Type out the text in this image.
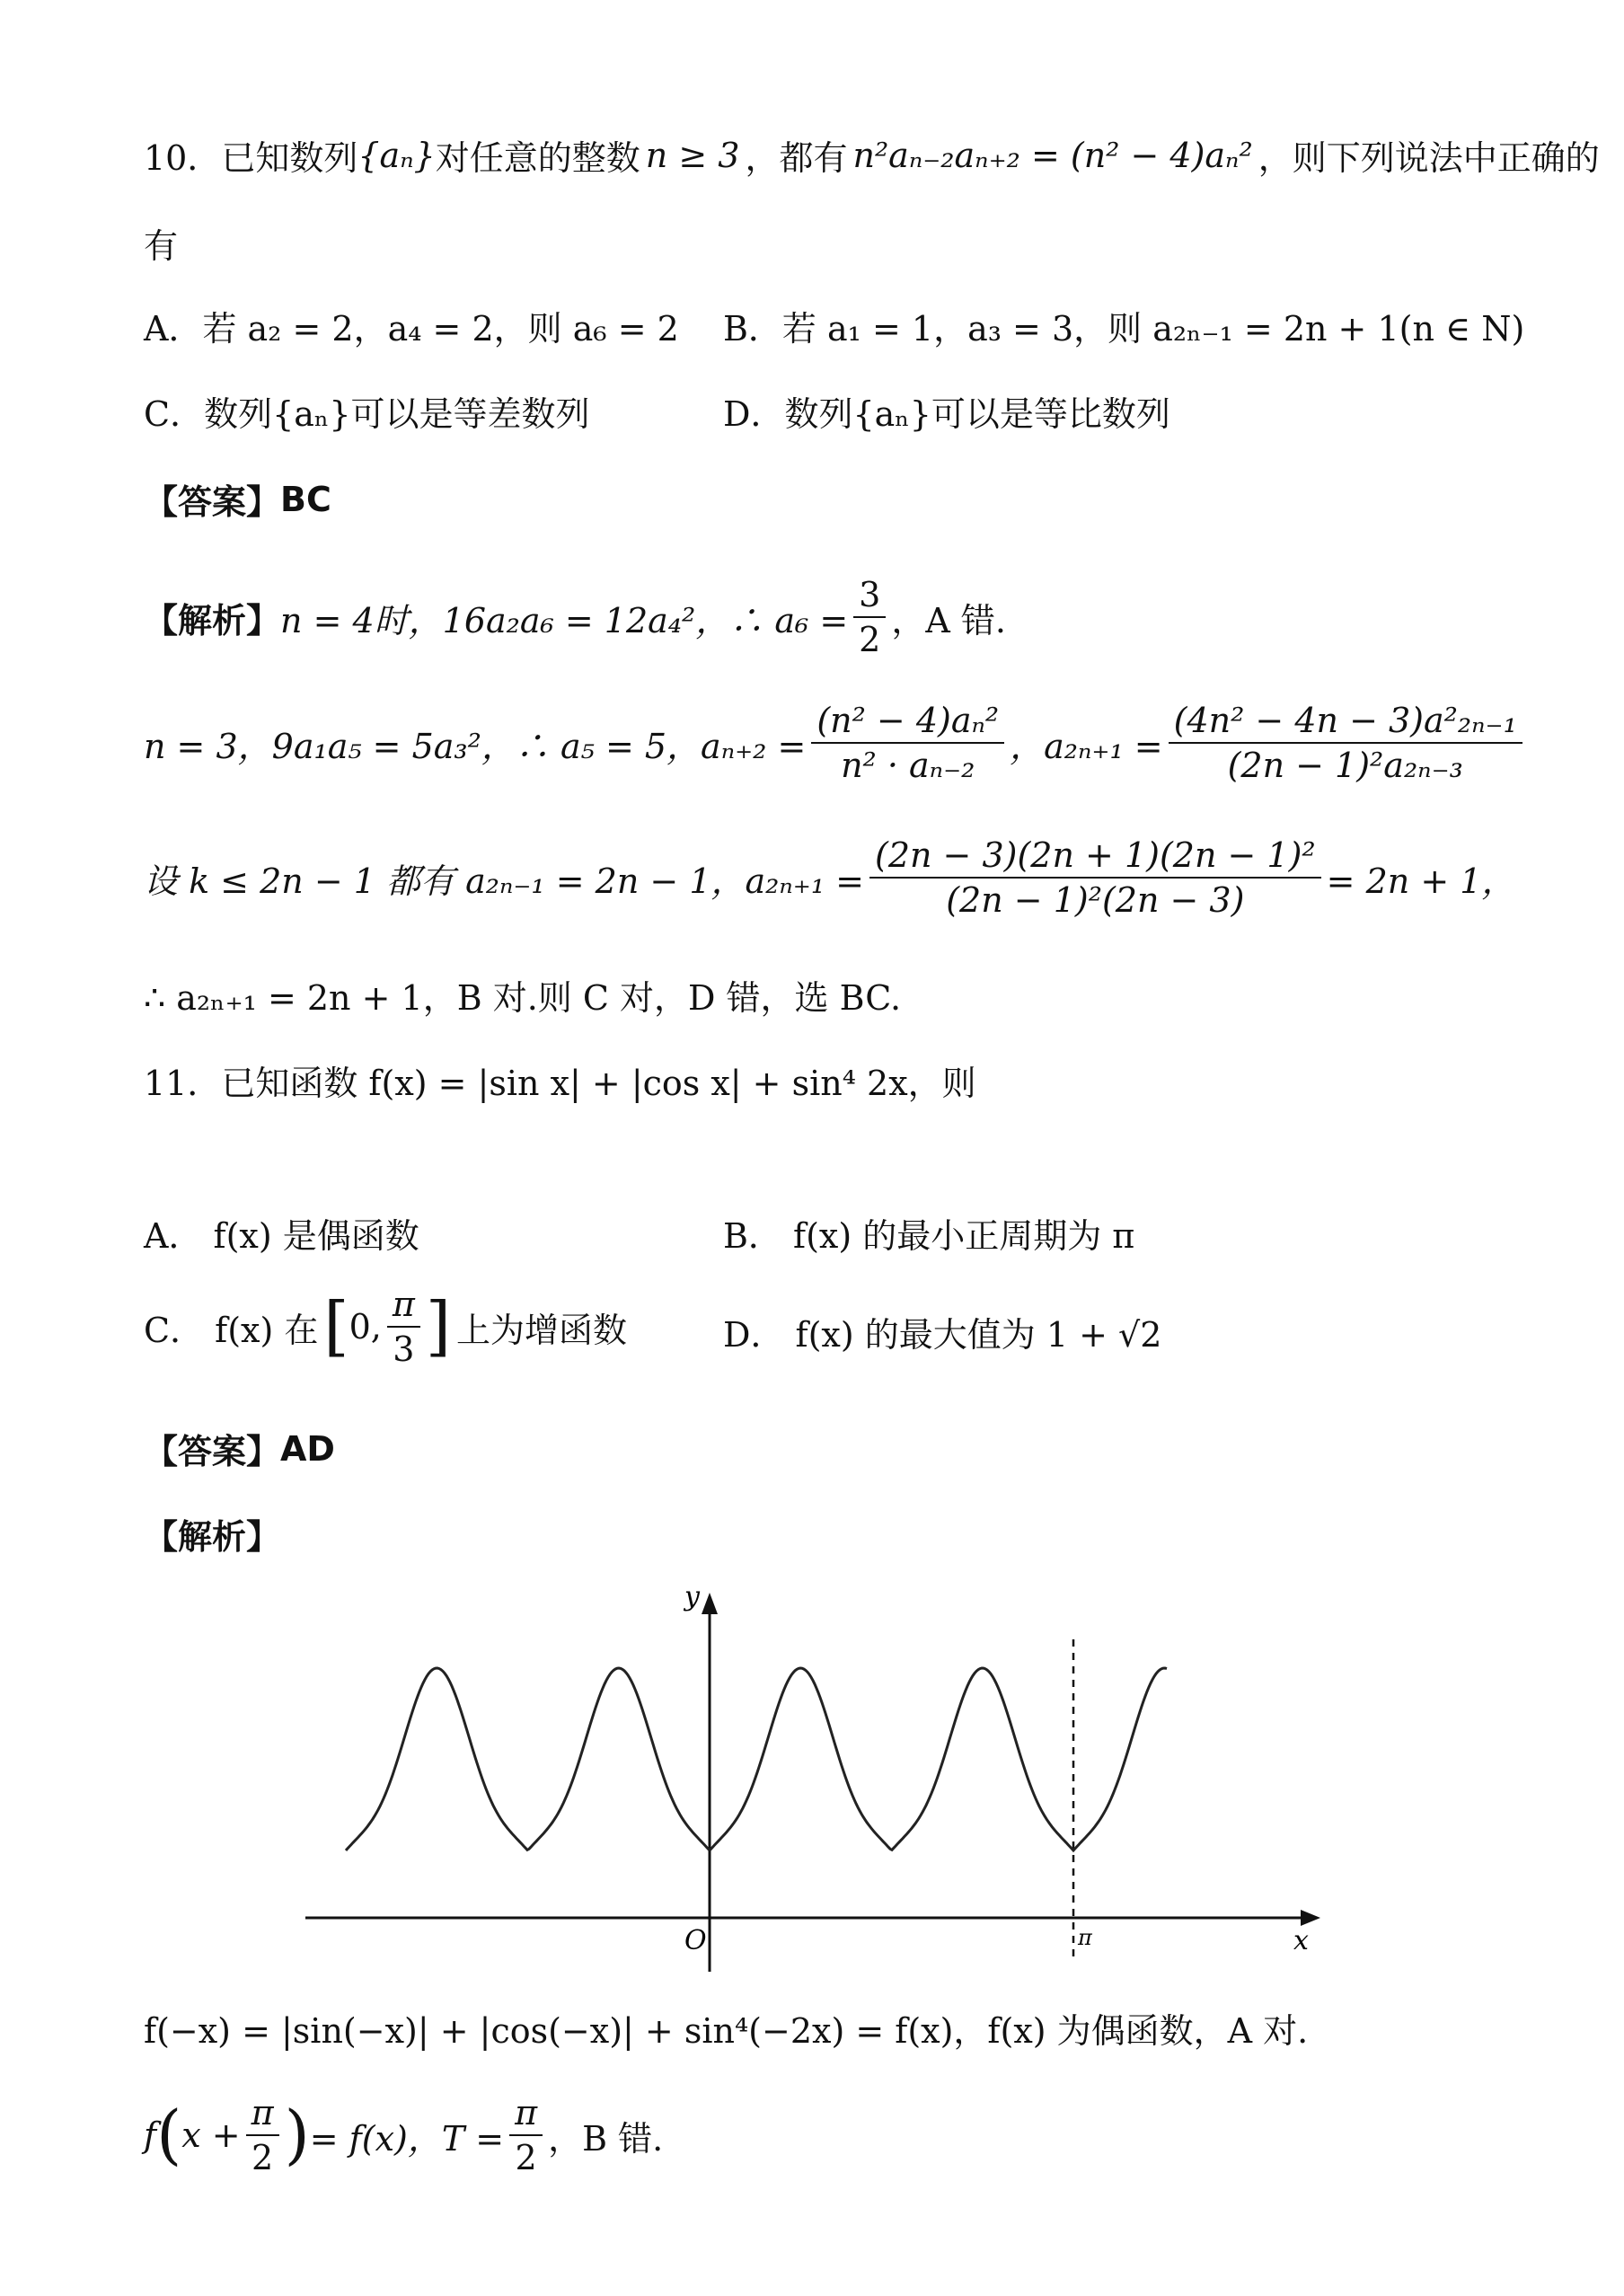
10．已知数列 {aₙ} 对任意的整数 n ≥ 3 ，都有 n²aₙ₋₂aₙ₊₂ = (n² − 4)aₙ² ，则下列说法中正确的
有
A．若 a₂ = 2，a₄ = 2，则 a₆ = 2 B．若 a₁ = 1，a₃ = 3，则 a₂ₙ₋₁ = 2n + 1(n ∈ N)
C．数列{aₙ}可以是等差数列	D．数列{aₙ}可以是等比数列
【答案】 BC
【解析】 n = 4时，16a₂a₆ = 12a₄²，∴ $a_6 = \frac{3}{2}$ ，A 错.
n = 3，9a₁a₅ = 5a₃²，∴ a₅ = 5，$a_{n+2} = \frac{\text{(n² − 4)aₙ²}}{\text{n² · aₙ₋₂}}$ ，$a_{2n+1} = \frac{\text{(4n² − 4n − 3)a²₂ₙ₋₁}}{\text{(2n − 1)²a₂ₙ₋₃}}$
设 k ≤ 2n − 1 都有 a₂ₙ₋₁ = 2n − 1，$a_{2n+1} = \frac{\text{(2n − 3)(2n + 1)(2n − 1)²}}{\text{(2n − 1)²(2n − 3)}} = 2n + 1$，
∴ a₂ₙ₊₁ = 2n + 1，B 对.则 C 对，D 错，选 BC.
11．已知函数 f(x) = |sin x| + |cos x| + sin⁴ 2x，则
A． f(x) 是偶函数	B． f(x) 的最小正周期为 π
C． f(x) 在 [ 0, $\frac{\pi}{3}$ ] 上为增函数	D． f(x) 的最大值为 1 + √2
【答案】 AD
【解析】
y
x
O	π
f(−x) = |sin(−x)| + |cos(−x)| + sin⁴(−2x) = f(x)，f(x) 为偶函数，A 对.
f ( $x + \frac{\pi}{2}$ ) = f(x)，$T = \frac{\pi}{2}$ ，B 错.
